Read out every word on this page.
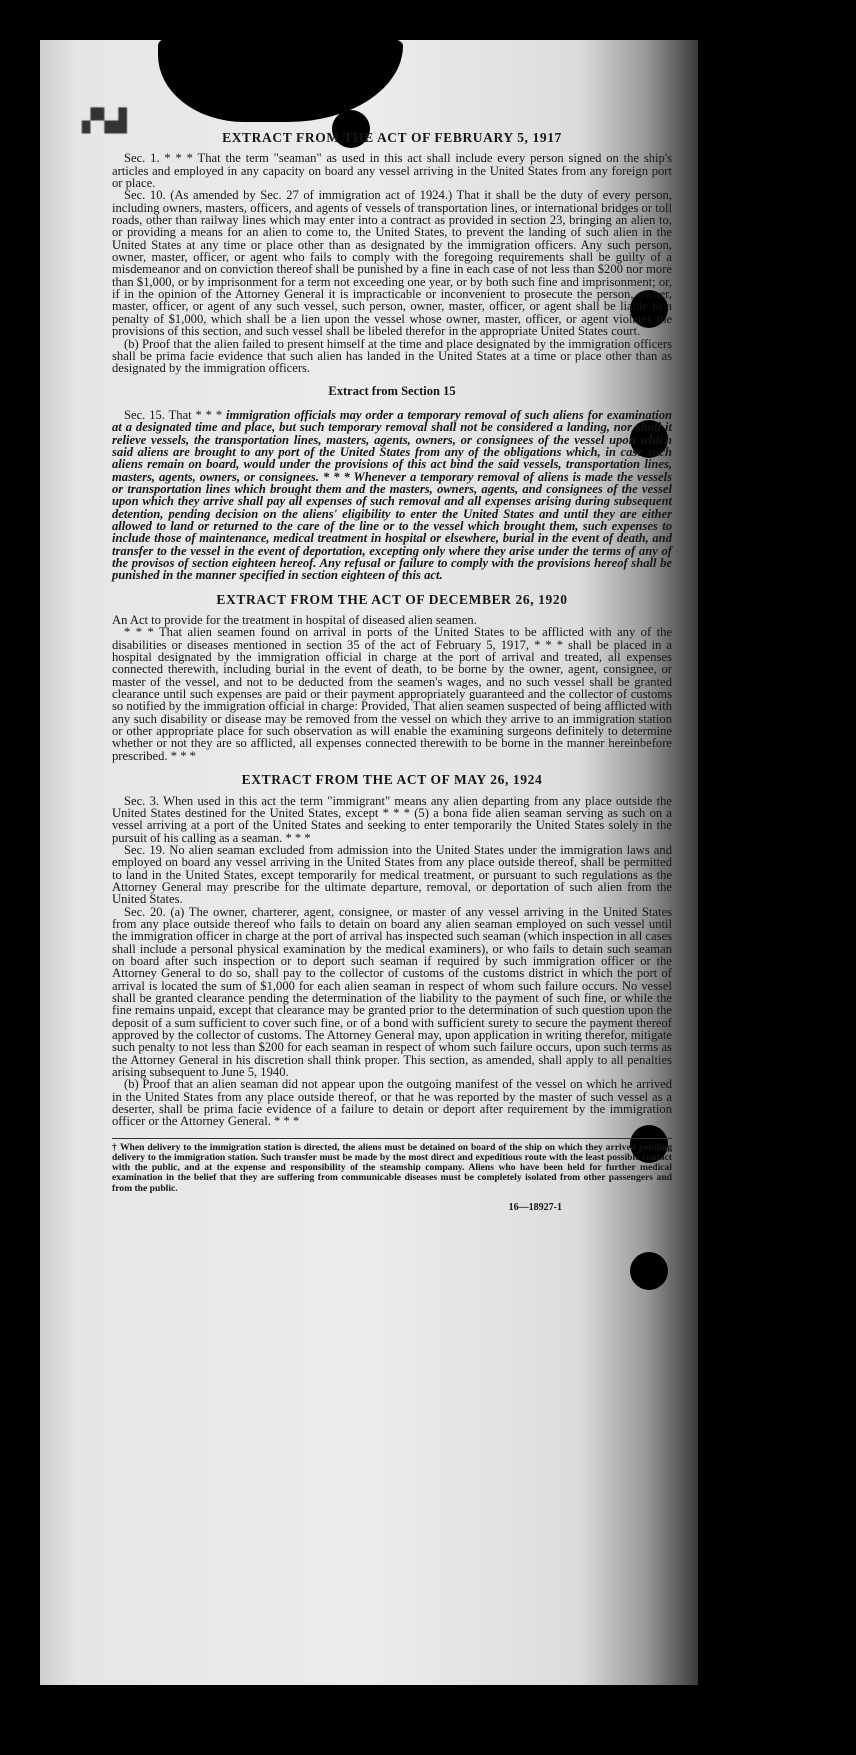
▞▚▟
EXTRACT FROM THE ACT OF FEBRUARY 5, 1917

Sec. 1. * * * That the term "seaman" as used in this act shall include every person signed on the ship's articles and employed in any capacity on board any vessel arriving in the United States from any foreign port or place.

Sec. 10. (As amended by Sec. 27 of immigration act of 1924.) That it shall be the duty of every person, including owners, masters, officers, and agents of vessels of transportation lines, or international bridges or toll roads, other than railway lines which may enter into a contract as provided in section 23, bringing an alien to, or providing a means for an alien to come to, the United States, to prevent the landing of such alien in the United States at any time or place other than as designated by the immigration officers. Any such person, owner, master, officer, or agent who fails to comply with the foregoing requirements shall be guilty of a misdemeanor and on conviction thereof shall be punished by a fine in each case of not less than $200 nor more than $1,000, or by imprisonment for a term not exceeding one year, or by both such fine and imprisonment; or, if in the opinion of the Attorney General it is impracticable or inconvenient to prosecute the person, owner, master, officer, or agent of any such vessel, such person, owner, master, officer, or agent shall be liable to a penalty of $1,000, which shall be a lien upon the vessel whose owner, master, officer, or agent violates the provisions of this section, and such vessel shall be libeled therefor in the appropriate United States court.

(b) Proof that the alien failed to present himself at the time and place designated by the immigration officers shall be prima facie evidence that such alien has landed in the United States at a time or place other than as designated by the immigration officers.

Extract from Section 15

Sec. 15. That * * * immigration officials may order a temporary removal of such aliens for examination at a designated time and place, but such temporary removal shall not be considered a landing, nor shall it relieve vessels, the transportation lines, masters, agents, owners, or consignees of the vessel upon which said aliens are brought to any port of the United States from any of the obligations which, in case such aliens remain on board, would under the provisions of this act bind the said vessels, transportation lines, masters, agents, owners, or consignees. * * * Whenever a temporary removal of aliens is made the vessels or transportation lines which brought them and the masters, owners, agents, and consignees of the vessel upon which they arrive shall pay all expenses of such removal and all expenses arising during subsequent detention, pending decision on the aliens' eligibility to enter the United States and until they are either allowed to land or returned to the care of the line or to the vessel which brought them, such expenses to include those of maintenance, medical treatment in hospital or elsewhere, burial in the event of death, and transfer to the vessel in the event of deportation, excepting only where they arise under the terms of any of the provisos of section eighteen hereof. Any refusal or failure to comply with the provisions hereof shall be punished in the manner specified in section eighteen of this act.

EXTRACT FROM THE ACT OF DECEMBER 26, 1920

An Act to provide for the treatment in hospital of diseased alien seamen.

* * * That alien seamen found on arrival in ports of the United States to be afflicted with any of the disabilities or diseases mentioned in section 35 of the act of February 5, 1917, * * * shall be placed in a hospital designated by the immigration official in charge at the port of arrival and treated, all expenses connected therewith, including burial in the event of death, to be borne by the owner, agent, consignee, or master of the vessel, and not to be deducted from the seamen's wages, and no such vessel shall be granted clearance until such expenses are paid or their payment appropriately guaranteed and the collector of customs so notified by the immigration official in charge: Provided, That alien seamen suspected of being afflicted with any such disability or disease may be removed from the vessel on which they arrive to an immigration station or other appropriate place for such observation as will enable the examining surgeons definitely to determine whether or not they are so afflicted, all expenses connected therewith to be borne in the manner hereinbefore prescribed. * * *

EXTRACT FROM THE ACT OF MAY 26, 1924

Sec. 3. When used in this act the term "immigrant" means any alien departing from any place outside the United States destined for the United States, except * * * (5) a bona fide alien seaman serving as such on a vessel arriving at a port of the United States and seeking to enter temporarily the United States solely in the pursuit of his calling as a seaman. * * *

Sec. 19. No alien seaman excluded from admission into the United States under the immigration laws and employed on board any vessel arriving in the United States from any place outside thereof, shall be permitted to land in the United States, except temporarily for medical treatment, or pursuant to such regulations as the Attorney General may prescribe for the ultimate departure, removal, or deportation of such alien from the United States.

Sec. 20. (a) The owner, charterer, agent, consignee, or master of any vessel arriving in the United States from any place outside thereof who fails to detain on board any alien seaman employed on such vessel until the immigration officer in charge at the port of arrival has inspected such seaman (which inspection in all cases shall include a personal physical examination by the medical examiners), or who fails to detain such seaman on board after such inspection or to deport such seaman if required by such immigration officer or the Attorney General to do so, shall pay to the collector of customs of the customs district in which the port of arrival is located the sum of $1,000 for each alien seaman in respect of whom such failure occurs. No vessel shall be granted clearance pending the determination of the liability to the payment of such fine, or while the fine remains unpaid, except that clearance may be granted prior to the determination of such question upon the deposit of a sum sufficient to cover such fine, or of a bond with sufficient surety to secure the payment thereof approved by the collector of customs. The Attorney General may, upon application in writing therefor, mitigate such penalty to not less than $200 for each seaman in respect of whom such failure occurs, upon such terms as the Attorney General in his discretion shall think proper. This section, as amended, shall apply to all penalties arising subsequent to June 5, 1940.

(b) Proof that an alien seaman did not appear upon the outgoing manifest of the vessel on which he arrived in the United States from any place outside thereof, or that he was reported by the master of such vessel as a deserter, shall be prima facie evidence of a failure to detain or deport after requirement by the immigration officer or the Attorney General. * * *

† When delivery to the immigration station is directed, the aliens must be detained on board of the ship on which they arrived pending delivery to the immigration station. Such transfer must be made by the most direct and expeditious route with the least possible contact with the public, and at the expense and responsibility of the steamship company. Aliens who have been held for further medical examination in the belief that they are suffering from communicable diseases must be completely isolated from other passengers and from the public.
16—18927-1
